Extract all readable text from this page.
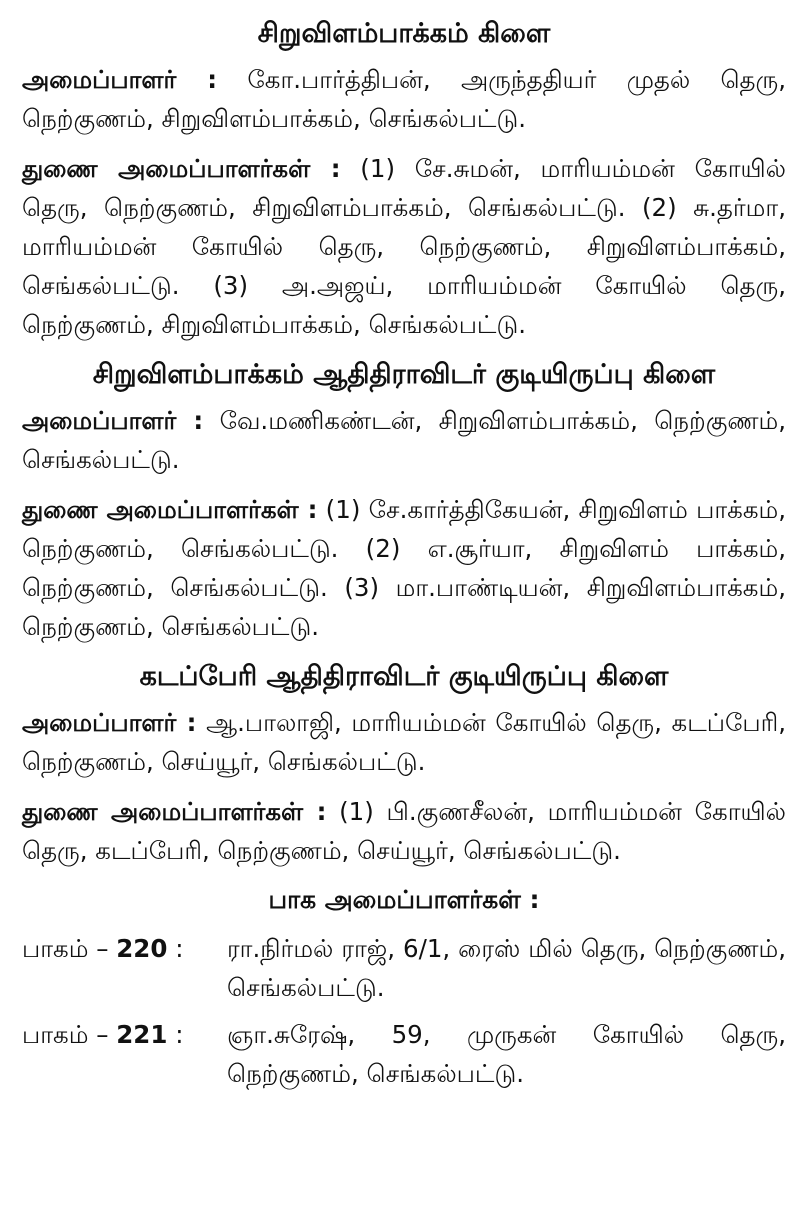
சிறுவிளம்பாக்கம் கிளை
அமைப்பாளர் : கோ.பார்த்திபன், அருந்ததியர் முதல் தெரு, நெற்குணம், சிறுவிளம்பாக்கம், செங்கல்பட்டு.
துணை அமைப்பாளர்கள் : (1) சே.சுமன், மாரியம்மன் கோயில் தெரு, நெற்குணம், சிறுவிளம்பாக்கம், செங்கல்பட்டு. (2) சு.தர்மா, மாரியம்மன் கோயில் தெரு, நெற்குணம், சிறுவிளம்பாக்கம், செங்கல்பட்டு. (3) அ.அஜய், மாரியம்மன் கோயில் தெரு, நெற்குணம், சிறுவிளம்பாக்கம், செங்கல்பட்டு.
சிறுவிளம்பாக்கம் ஆதிதிராவிடர் குடியிருப்பு கிளை
அமைப்பாளர் : வே.மணிகண்டன், சிறுவிளம்பாக்கம், நெற்குணம், செங்கல்பட்டு.
துணை அமைப்பாளர்கள் : (1) சே.கார்த்திகேயன், சிறுவிளம் பாக்கம், நெற்குணம், செங்கல்பட்டு. (2) எ.சூர்யா, சிறுவிளம் பாக்கம், நெற்குணம், செங்கல்பட்டு. (3) மா.பாண்டியன், சிறுவிளம்பாக்கம், நெற்குணம், செங்கல்பட்டு.
கடப்பேரி ஆதிதிராவிடர் குடியிருப்பு கிளை
அமைப்பாளர் : ஆ.பாலாஜி, மாரியம்மன் கோயில் தெரு, கடப்பேரி, நெற்குணம், செய்யூர், செங்கல்பட்டு.
துணை அமைப்பாளர்கள் : (1) பி.குணசீலன், மாரியம்மன் கோயில் தெரு, கடப்பேரி, நெற்குணம், செய்யூர், செங்கல்பட்டு.
பாக அமைப்பாளர்கள் :
பாகம் – 220 :	ரா.நிர்மல் ராஜ், 6/1, ரைஸ் மில் தெரு, நெற்குணம், செங்கல்பட்டு.
பாகம் – 221 :	ஞா.சுரேஷ், 59, முருகன் கோயில் தெரு, நெற்குணம், செங்கல்பட்டு.
